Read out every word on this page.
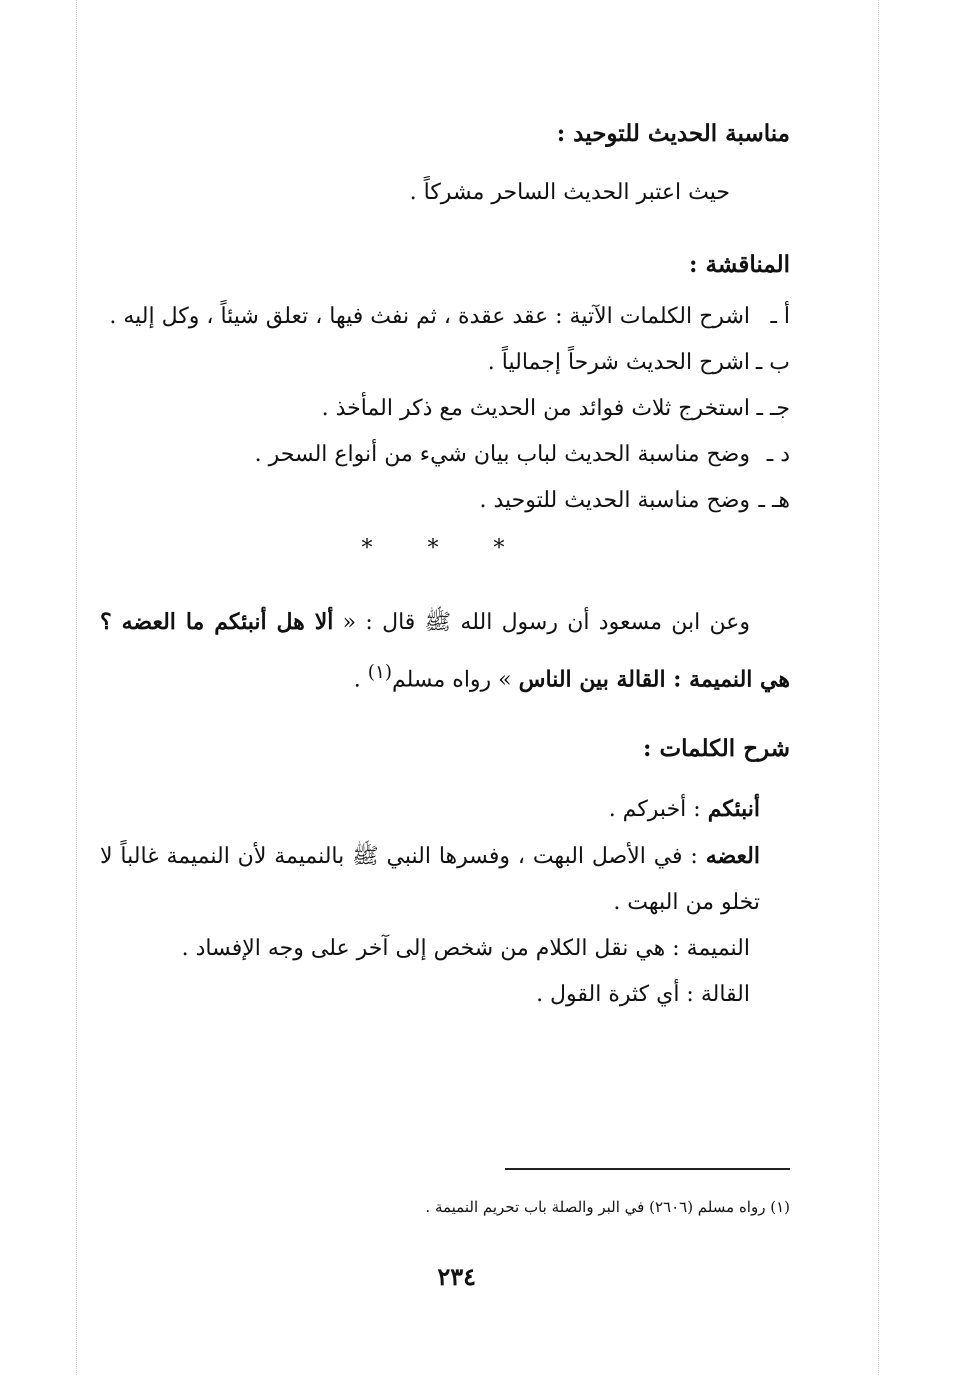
مناسبة الحديث للتوحيد :

حيث اعتبر الحديث الساحر مشركاً .

المناقشة :

أ ـ
اشرح الكلمات الآتية : عقد عقدة ، ثم نفث فيها ، تعلق شيئاً ، وكل إليه .
ب ـ
اشرح الحديث شرحاً إجمالياً .
جـ ـ
استخرج ثلاث فوائد من الحديث مع ذكر المأخذ .
د ـ
وضح مناسبة الحديث لباب بيان شيء من أنواع السحر .
هـ ـ
وضح مناسبة الحديث للتوحيد .
* * *

وعن ابن مسعود أن رسول الله ﷺ قال : « ألا هل أنبئكم ما العضه ؟ هي النميمة : القالة بين الناس » رواه مسلم$^{(١)}$ .

شرح الكلمات :

أنبئكم : أخبركم .

العضه : في الأصل البهت ، وفسرها النبي ﷺ بالنميمة لأن النميمة غالباً لا تخلو من البهت .

النميمة : هي نقل الكلام من شخص إلى آخر على وجه الإفساد .

القالة : أي كثرة القول .

(١) رواه مسلم (٢٦٠٦) في البر والصلة باب تحريم النميمة .
٢٣٤
